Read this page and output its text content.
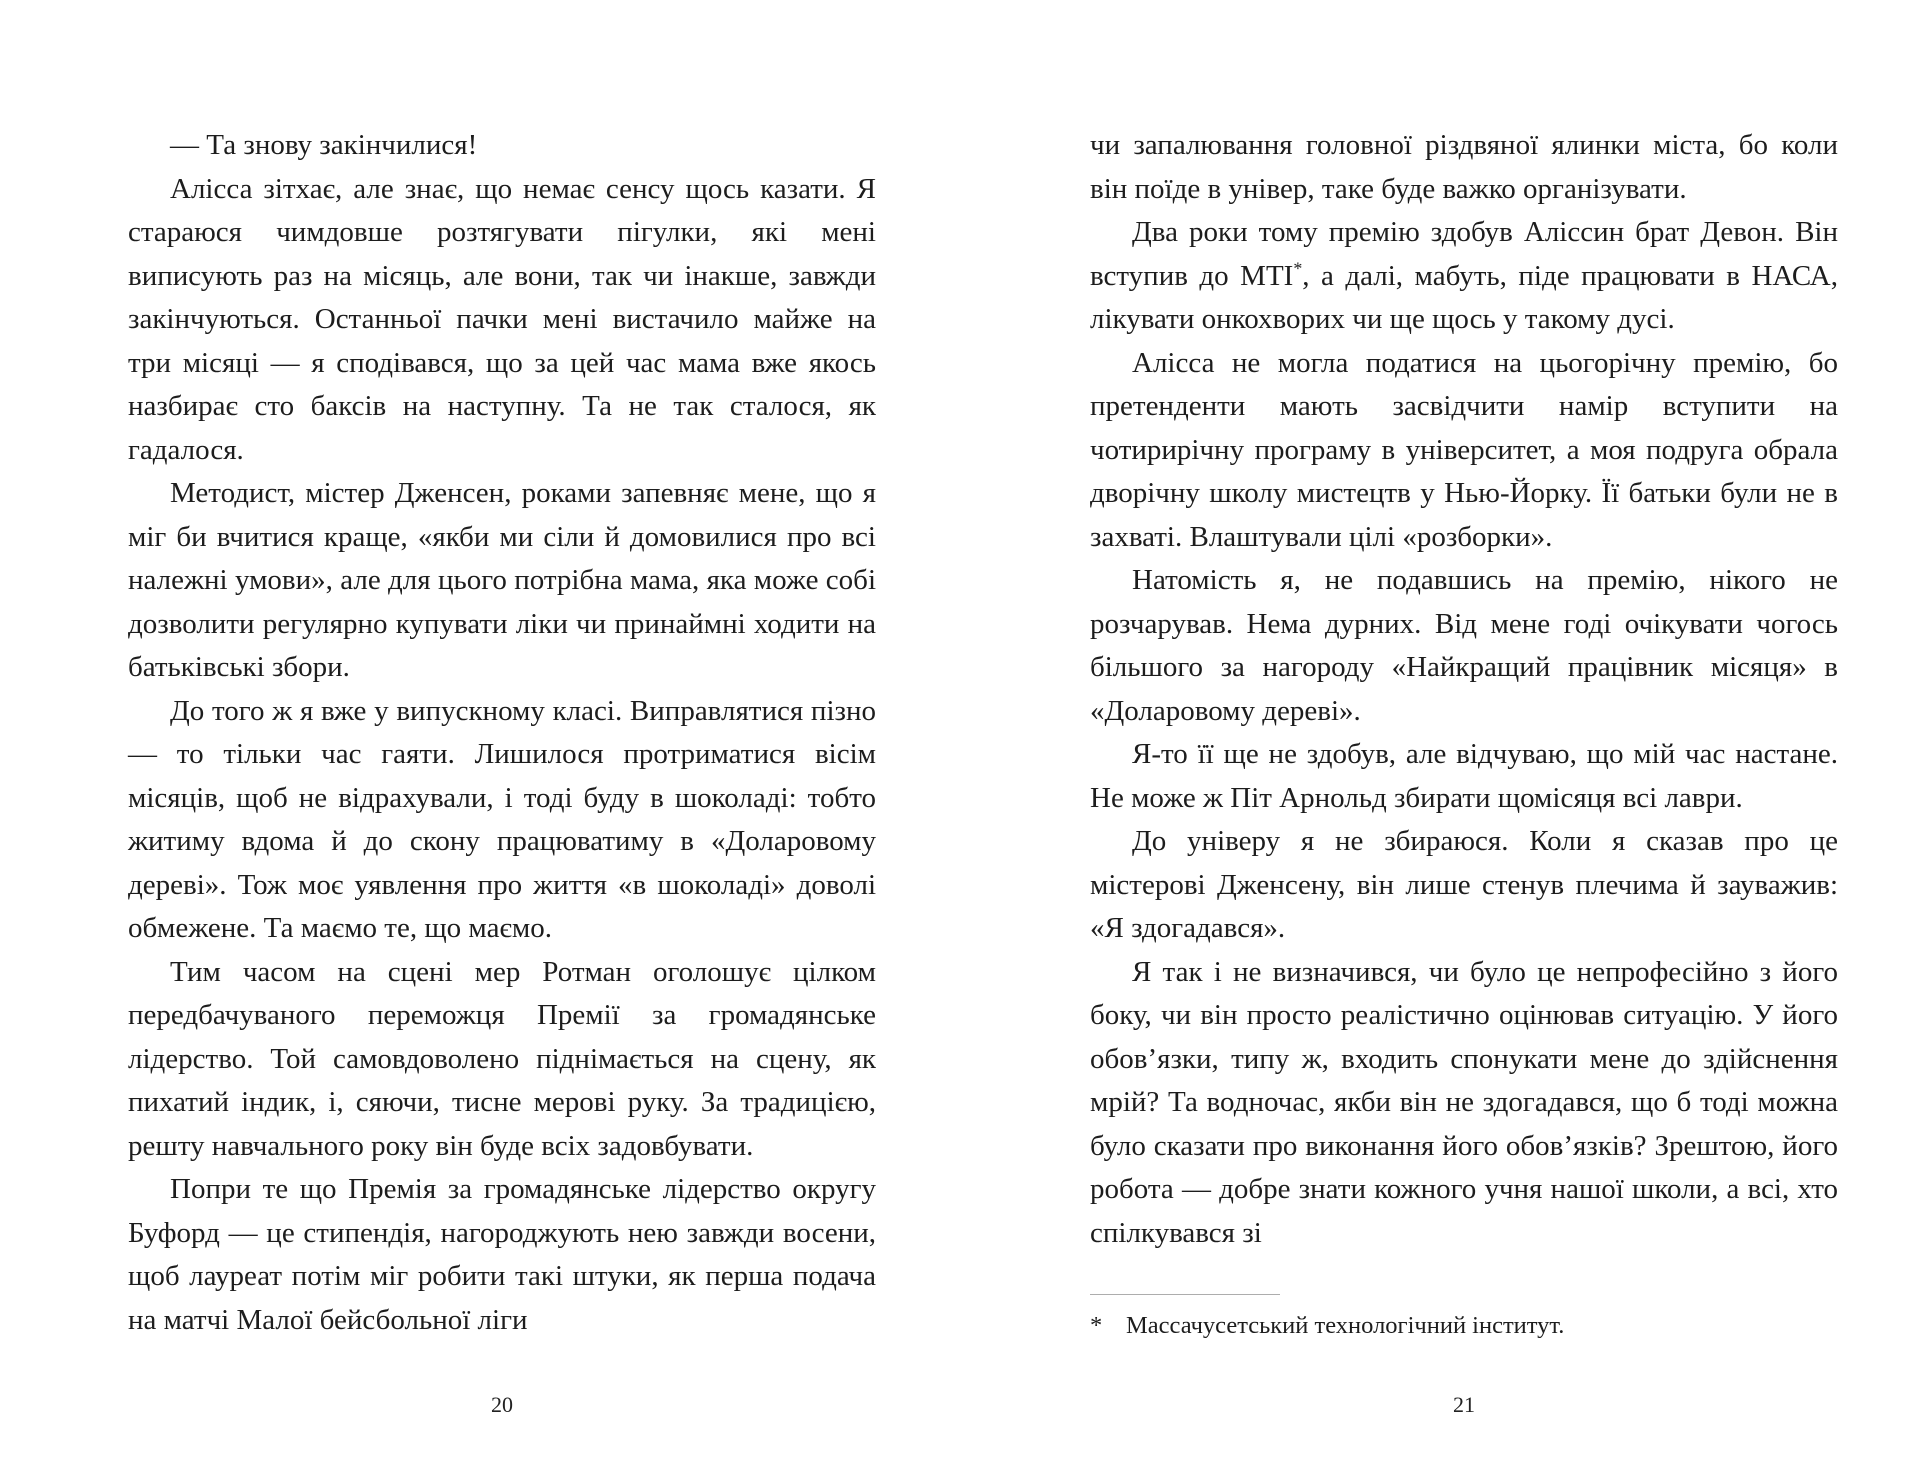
— Та знову закінчилися!

Алісса зітхає, але знає, що немає сенсу щось казати. Я стараюся чимдовше розтягувати пігулки, які мені виписують раз на місяць, але вони, так чи інакше, завжди закінчуються. Останньої пачки мені вистачило майже на три місяці — я сподівався, що за цей час мама вже якось назбирає сто баксів на наступну. Та не так сталося, як гадалося.

Методист, містер Дженсен, роками запевняє мене, що я міг би вчитися краще, «якби ми сіли й домовилися про всі належні умови», але для цього потрібна мама, яка може собі дозволити регулярно купувати ліки чи принаймні ходити на батьківські збори.

До того ж я вже у випускному класі. Виправлятися пізно — то тільки час гаяти. Лишилося протриматися вісім місяців, щоб не відрахували, і тоді буду в шоколаді: тобто житиму вдома й до скону працюватиму в «Доларовому дереві». Тож моє уявлення про життя «в шоколаді» доволі обмежене. Та маємо те, що маємо.

Тим часом на сцені мер Ротман оголошує цілком передбачуваного переможця Премії за громадянське лідерство. Той самовдоволено піднімається на сцену, як пихатий індик, і, сяючи, тисне мерові руку. За традицією, решту навчального року він буде всіх задовбувати.

Попри те що Премія за громадянське лідерство округу Буфорд — це стипендія, нагороджують нею завжди восени, щоб лауреат потім міг робити такі штуки, як перша подача на матчі Малої бейсбольної ліги

чи запалювання головної різдвяної ялинки міста, бо коли він поїде в універ, таке буде важко організувати.

Два роки тому премію здобув Аліссин брат Девон. Він вступив до МТІ*, а далі, мабуть, піде працювати в НАСА, лікувати онкохворих чи ще щось у такому дусі.

Алісса не могла податися на цьогорічну премію, бо претенденти мають засвідчити намір вступити на чотирирічну програму в університет, а моя подруга обрала дворічну школу мистецтв у Нью-Йорку. Її батьки були не в захваті. Влаштували цілі «розборки».

Натомість я, не подавшись на премію, нікого не розчарував. Нема дурних. Від мене годі очікувати чогось більшого за нагороду «Найкращий працівник місяця» в «Доларовому дереві».

Я-то її ще не здобув, але відчуваю, що мій час настане. Не може ж Піт Арнольд збирати щомісяця всі лаври.

До універу я не збираюся. Коли я сказав про це містерові Дженсену, він лише стенув плечима й зауважив: «Я здогадався».

Я так і не визначився, чи було це непрофесійно з його боку, чи він просто реалістично оцінював ситуацію. У його обов’язки, типу ж, входить спонукати мене до здійснення мрій? Та водночас, якби він не здогадався, що б тоді можна було сказати про виконання його обов’язків? Зрештою, його робота — добре знати кожного учня нашої школи, а всі, хто спілкувався зі

* Массачусетський технологічний інститут.

20	21
